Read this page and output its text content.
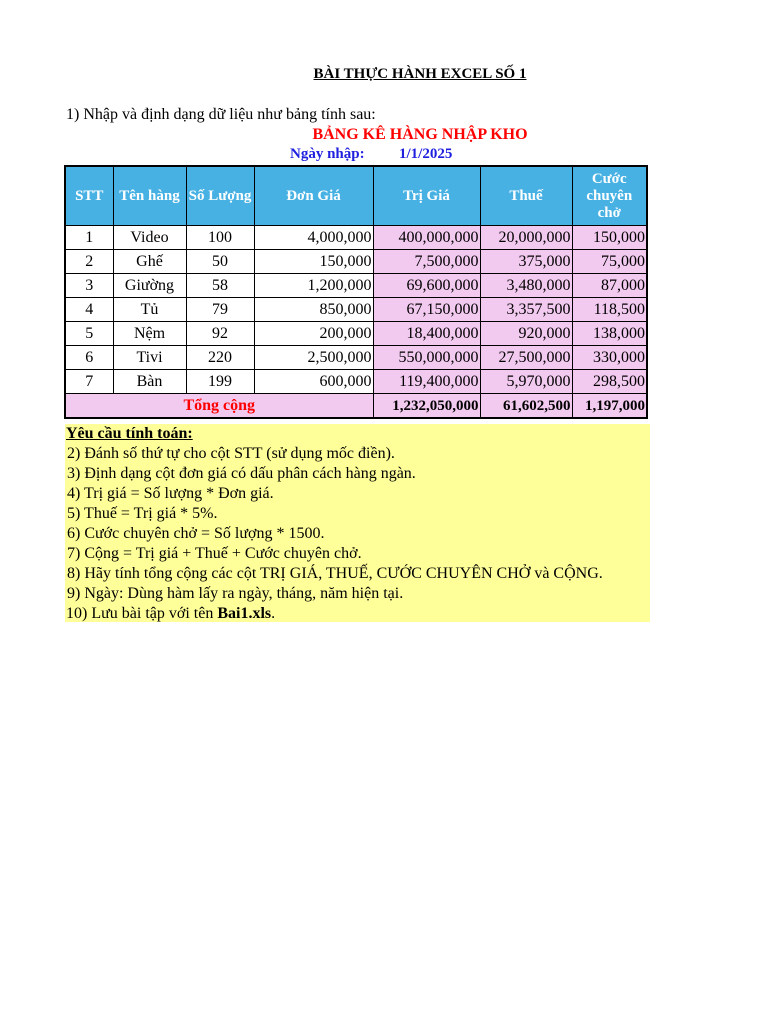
BÀI THỰC HÀNH EXCEL SỐ 1
1) Nhập và định dạng dữ liệu như bảng tính sau:
BẢNG KÊ HÀNG NHẬP KHO
Ngày nhập: 1/1/2025
STT	Tên hàng	Số Lượng	Đơn Giá	Trị Giá	Thuế	Cước chuyên chở
1	Video	100	4,000,000	400,000,000	20,000,000	150,000
2	Ghế	50	150,000	7,500,000	375,000	75,000
3	Giường	58	1,200,000	69,600,000	3,480,000	87,000
4	Tủ	79	850,000	67,150,000	3,357,500	118,500
5	Nệm	92	200,000	18,400,000	920,000	138,000
6	Tivi	220	2,500,000	550,000,000	27,500,000	330,000
7	Bàn	199	600,000	119,400,000	5,970,000	298,500
Tổng cộng				1,232,050,000	61,602,500	1,197,000
Yêu cầu tính toán:
2) Đánh số thứ tự cho cột STT (sử dụng mốc điền).
3) Định dạng cột đơn giá có dấu phân cách hàng ngàn.
4) Trị giá = Số lượng * Đơn giá.
5) Thuế = Trị giá * 5%.
6) Cước chuyên chở = Số lượng * 1500.
7) Cộng = Trị giá + Thuế + Cước chuyên chở.
8) Hãy tính tổng cộng các cột TRỊ GIÁ, THUẾ, CƯỚC CHUYÊN CHỞ và CỘNG.
9) Ngày: Dùng hàm lấy ra ngày, tháng, năm hiện tại.
10) Lưu bài tập với tên Bai1.xls.
